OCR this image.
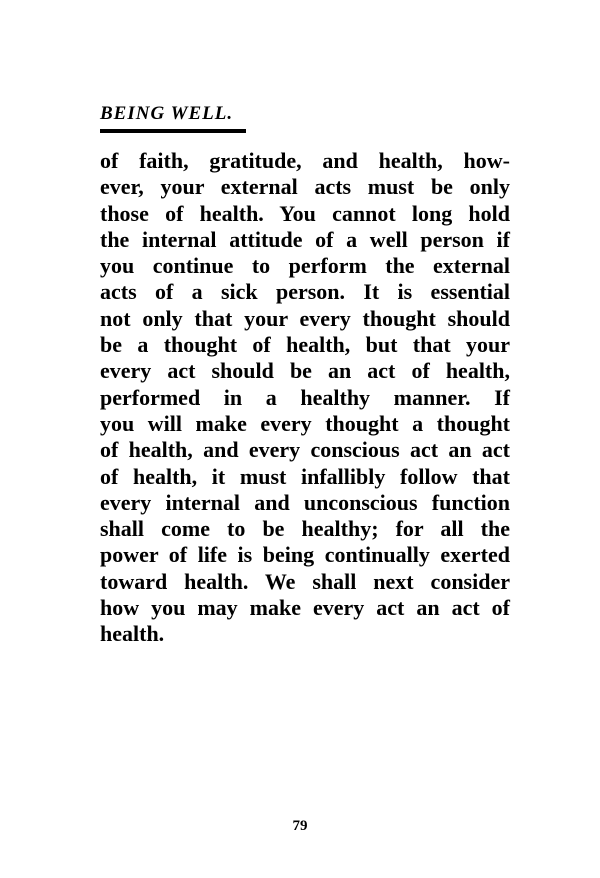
BEING WELL.
of faith, gratitude, and health, how-
ever, your external acts must be only
those of health. You cannot long hold
the internal attitude of a well person if
you continue to perform the external
acts of a sick person. It is essential
not only that your every thought should
be a thought of health, but that your
every act should be an act of health,
performed in a healthy manner. If
you will make every thought a thought
of health, and every conscious act an act
of health, it must infallibly follow that
every internal and unconscious function
shall come to be healthy; for all the
power of life is being continually exerted
toward health. We shall next consider
how you may make every act an act of
health.
79
